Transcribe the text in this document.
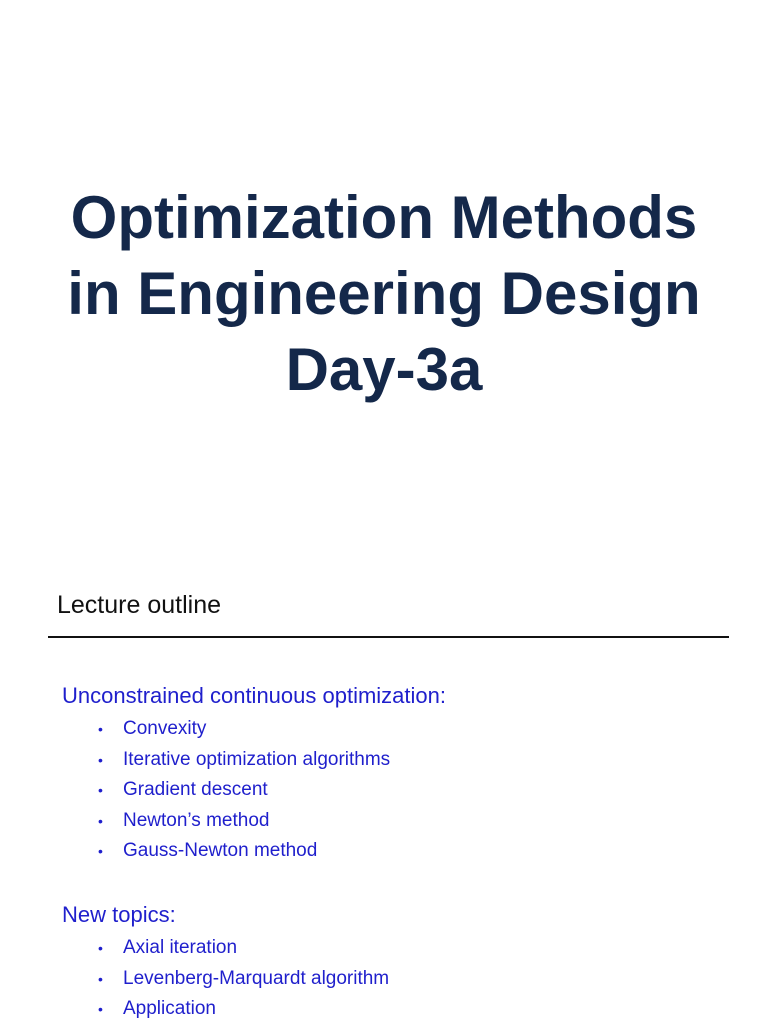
Optimization Methods
in Engineering Design
Day-3a
Lecture outline
Unconstrained continuous optimization:
• Convexity
• Iterative optimization algorithms
• Gradient descent
• Newton’s method
• Gauss-Newton method
New topics:
• Axial iteration
• Levenberg-Marquardt algorithm
• Application
